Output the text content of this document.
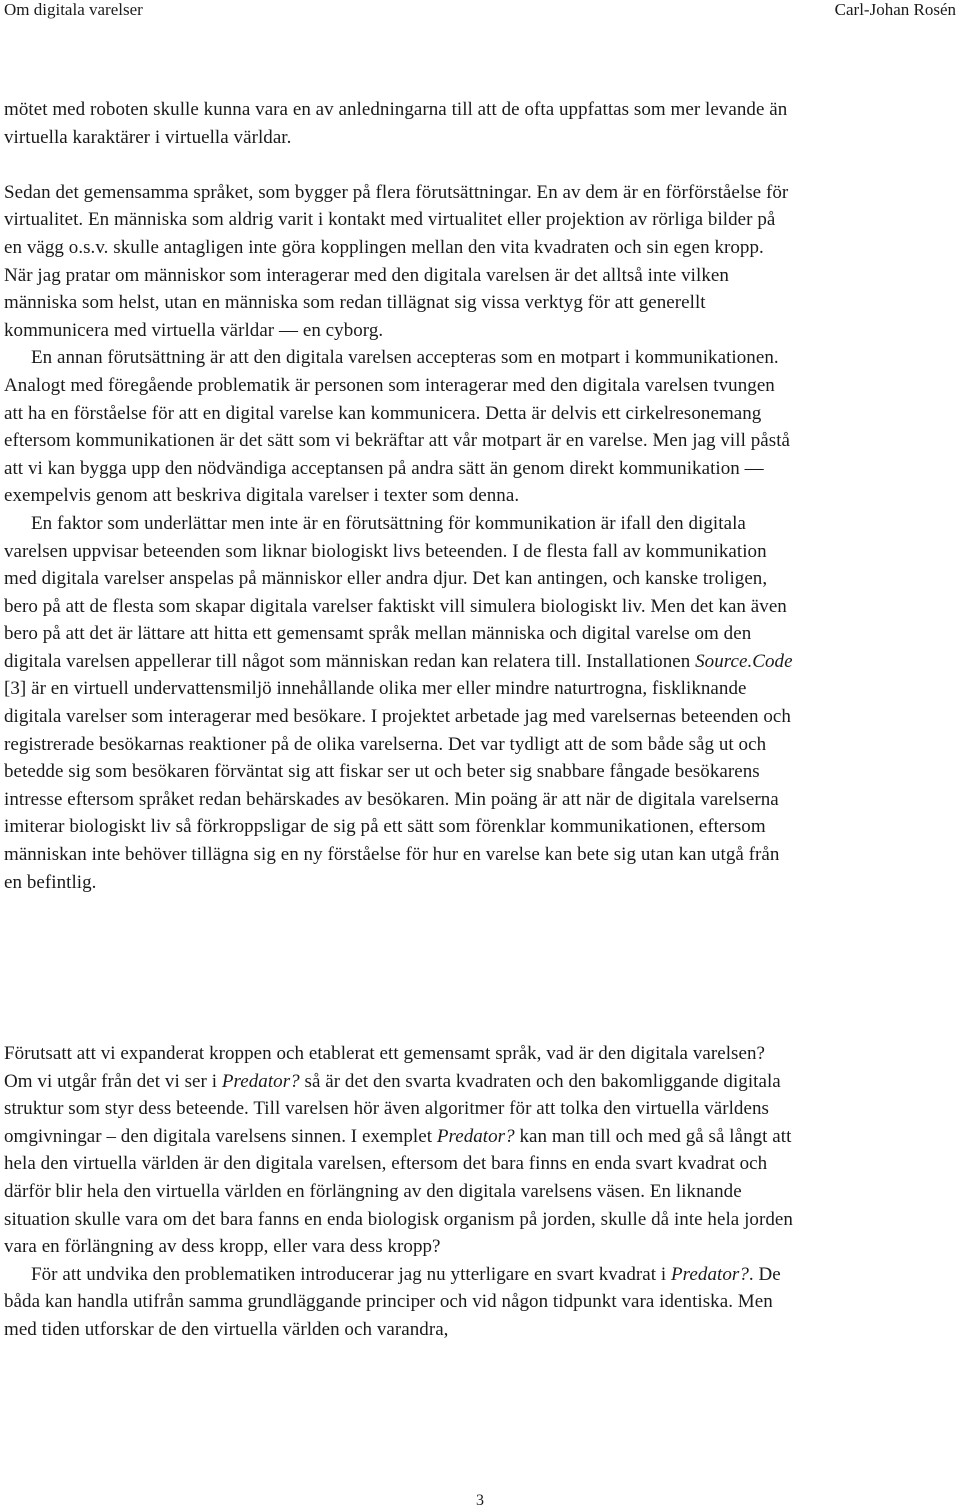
Om digitala varelser	Carl-Johan Rosén

mötet med roboten skulle kunna vara en av anledningarna till att de ofta uppfattas som mer levande än virtuella karaktärer i virtuella världar.

Sedan det gemensamma språket, som bygger på flera förutsättningar. En av dem är en förförståelse för virtualitet. En människa som aldrig varit i kontakt med virtualitet eller projektion av rörliga bilder på en vägg o.s.v. skulle antagligen inte göra kopplingen mellan den vita kvadraten och sin egen kropp. När jag pratar om människor som interagerar med den digitala varelsen är det alltså inte vilken människa som helst, utan en människa som redan tillägnat sig vissa verktyg för att generellt kommunicera med virtuella världar — en cyborg.

En annan förutsättning är att den digitala varelsen accepteras som en motpart i kommunikationen. Analogt med föregående problematik är personen som interagerar med den digitala varelsen tvungen att ha en förståelse för att en digital varelse kan kommunicera. Detta är delvis ett cirkelresonemang eftersom kommunikationen är det sätt som vi bekräftar att vår motpart är en varelse. Men jag vill påstå att vi kan bygga upp den nödvändiga acceptansen på andra sätt än genom direkt kommunikation — exempelvis genom att beskriva digitala varelser i texter som denna.

En faktor som underlättar men inte är en förutsättning för kommunikation är ifall den digitala varelsen uppvisar beteenden som liknar biologiskt livs beteenden. I de flesta fall av kommunikation med digitala varelser anspelas på människor eller andra djur. Det kan antingen, och kanske troligen, bero på att de flesta som skapar digitala varelser faktiskt vill simulera biologiskt liv. Men det kan även bero på att det är lättare att hitta ett gemensamt språk mellan människa och digital varelse om den digitala varelsen appellerar till något som människan redan kan relatera till. Installationen Source.Code [3] är en virtuell undervattensmiljö innehållande olika mer eller mindre naturtrogna, fiskliknande digitala varelser som interagerar med besökare. I projektet arbetade jag med varelsernas beteenden och registrerade besökarnas reaktioner på de olika varelserna. Det var tydligt att de som både såg ut och betedde sig som besökaren förväntat sig att fiskar ser ut och beter sig snabbare fångade besökarens intresse eftersom språket redan behärskades av besökaren. Min poäng är att när de digitala varelserna imiterar biologiskt liv så förkroppsligar de sig på ett sätt som förenklar kommunikationen, eftersom människan inte behöver tillägna sig en ny förståelse för hur en varelse kan bete sig utan kan utgå från en befintlig.

Förutsatt att vi expanderat kroppen och etablerat ett gemensamt språk, vad är den digitala varelsen? Om vi utgår från det vi ser i Predator? så är det den svarta kvadraten och den bakomliggande digitala struktur som styr dess beteende. Till varelsen hör även algoritmer för att tolka den virtuella världens omgivningar – den digitala varelsens sinnen. I exemplet Predator? kan man till och med gå så långt att hela den virtuella världen är den digitala varelsen, eftersom det bara finns en enda svart kvadrat och därför blir hela den virtuella världen en förlängning av den digitala varelsens väsen. En liknande situation skulle vara om det bara fanns en enda biologisk organism på jorden, skulle då inte hela jorden vara en förlängning av dess kropp, eller vara dess kropp?

För att undvika den problematiken introducerar jag nu ytterligare en svart kvadrat i Predator?. De båda kan handla utifrån samma grundläggande principer och vid någon tidpunkt vara identiska. Men med tiden utforskar de den virtuella världen och varandra,

3
